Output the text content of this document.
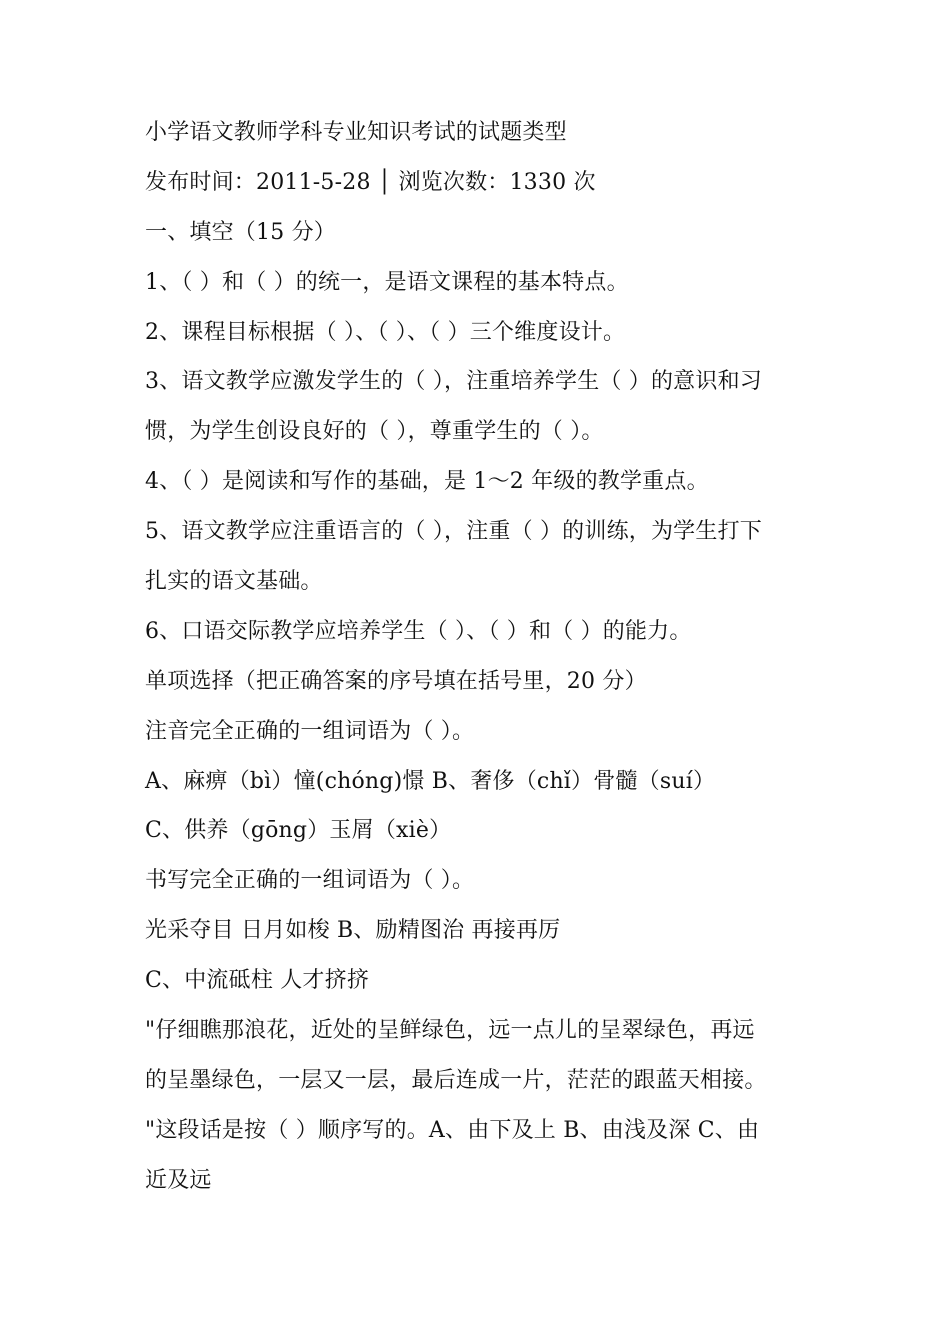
小学语文教师学科专业知识考试的试题类型
发布时间：2011-5-28 │ 浏览次数：1330 次
一、填空（15 分）
1、（ ）和（ ）的统一，是语文课程的基本特点。
2、课程目标根据（ ）、（ ）、（ ）三个维度设计。
3、语文教学应激发学生的（ ），注重培养学生（ ）的意识和习
惯，为学生创设良好的（ ），尊重学生的（ ）。
4、（ ）是阅读和写作的基础，是 1～2 年级的教学重点。
5、语文教学应注重语言的（ ），注重（ ）的训练，为学生打下
扎实的语文基础。
6、口语交际教学应培养学生（ ）、（ ）和（ ）的能力。
单项选择（把正确答案的序号填在括号里，20 分）
注音完全正确的一组词语为（ ）。
A、麻痹（bì）憧(chóng)憬 B、奢侈（chǐ）骨髓（suí）
C、供养（gōng）玉屑（xiè）
书写完全正确的一组词语为（ ）。
光采夺目 日月如梭 B、励精图治 再接再厉
C、中流砥柱 人才挤挤
"仔细瞧那浪花，近处的呈鲜绿色，远一点儿的呈翠绿色，再远
的呈墨绿色，一层又一层，最后连成一片，茫茫的跟蓝天相接。
"这段话是按（ ）顺序写的。A、由下及上 B、由浅及深 C、由
近及远
